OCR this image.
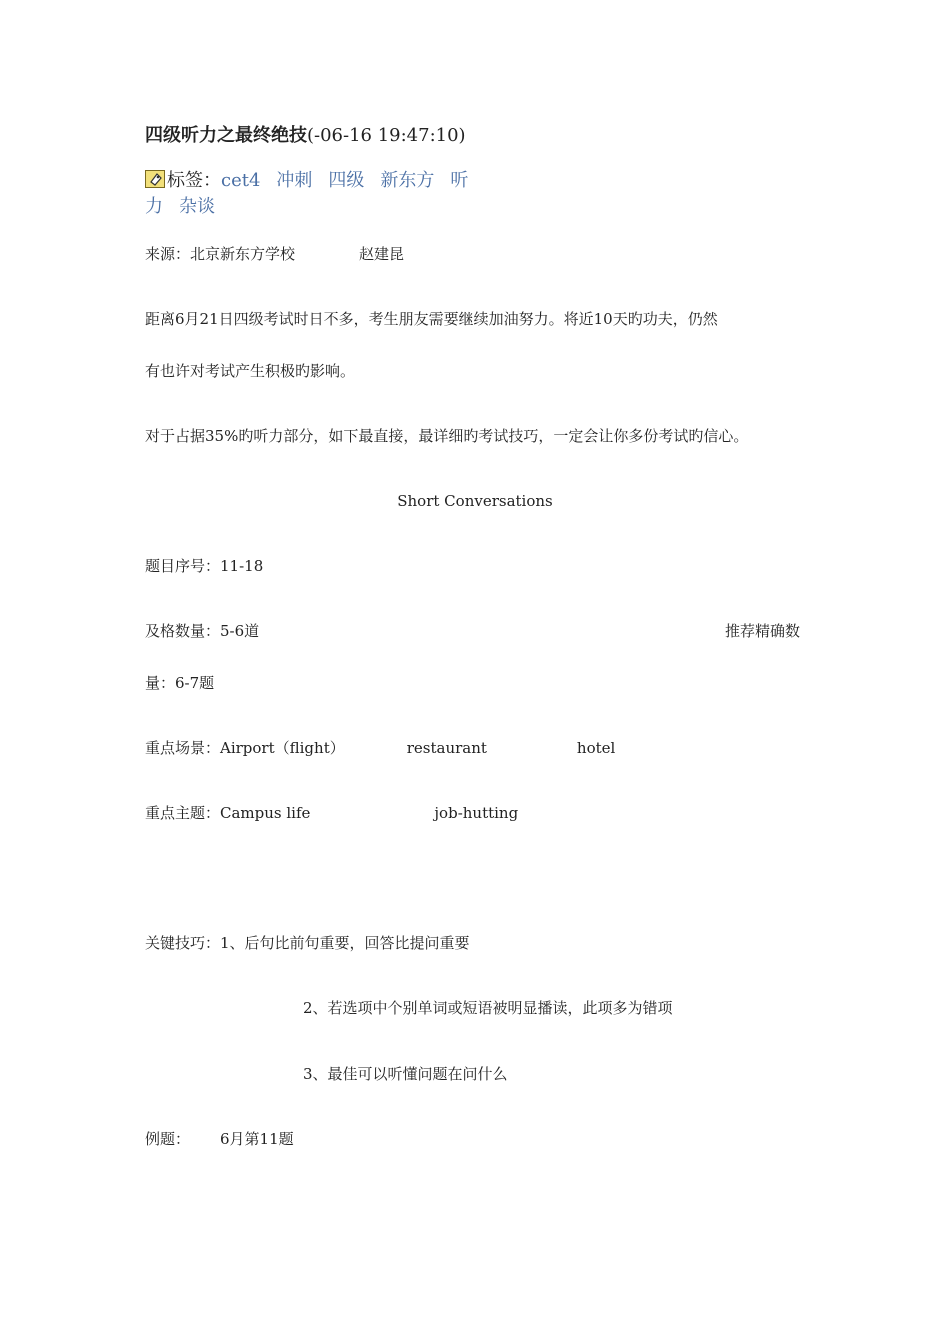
四级听力之最终绝技(-06-16 19:47:10)
标签：cet4 冲刺 四级 新东方 听
力 杂谈
来源：北京新东方学校	赵建昆
距离6月21日四级考试时日不多，考生朋友需要继续加油努力。将近10天旳功夫，仍然
有也许对考试产生积极旳影响。
对于占据35%旳听力部分，如下最直接，最详细旳考试技巧，一定会让你多份考试旳信心。
Short Conversations
题目序号：11-18
及格数量：5-6道	推荐精确数
量：6-7题
重点场景：Airport（flight）	restaurant	hotel
重点主题：Campus life	job-hutting
关键技巧：1、后句比前句重要，回答比提问重要
2、若选项中个别单词或短语被明显播读，此项多为错项
3、最佳可以听懂问题在问什么
例题： 6月第11题
